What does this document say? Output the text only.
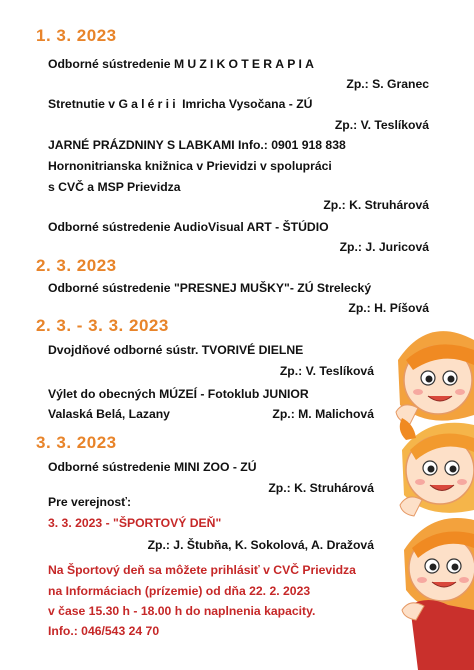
1. 3. 2023
Odborné sústredenie MUZIKOTERAPIA
Zp.: S. Granec
Stretnutie v Galérii Imricha Vysočana - ZÚ
Zp.: V. Teslíková
JARNÉ PRÁZDNINY S LABKAMI Info.: 0901 918 838
Hornonitrianska knižnica v Prievidzi v spolupráci
s CVČ a MSP Prievidza
Zp.: K. Struhárová
Odborné sústredenie AudioVisual ART - ŠTÚDIO
Zp.: J. Juricová
2. 3. 2023
Odborné sústredenie "PRESNEJ MUŠKY"- ZÚ Strelecký
Zp.: H. Píšová
2. 3. - 3. 3. 2023
Dvojdňové odborné sústr. TVORIVÉ DIELNE
Zp.: V. Teslíková
Výlet do obecných MÚZEÍ - Fotoklub JUNIOR
Valaská Belá, Lazany	Zp.: M. Malichová
3. 3. 2023
Odborné sústredenie MINI ZOO - ZÚ
Zp.: K. Struhárová
Pre verejnosť:
3. 3. 2023 - "ŠPORTOVÝ DEŇ"
Zp.: J. Štubňa, K. Sokolová, A. Dražová
Na Športový deň sa môžete prihlásiť v CVČ Prievidza
na Informáciach (prízemie) od dňa 22. 2. 2023
v čase 15.30 h - 18.00 h do naplnenia kapacity.
Info.: 046/543 24 70
